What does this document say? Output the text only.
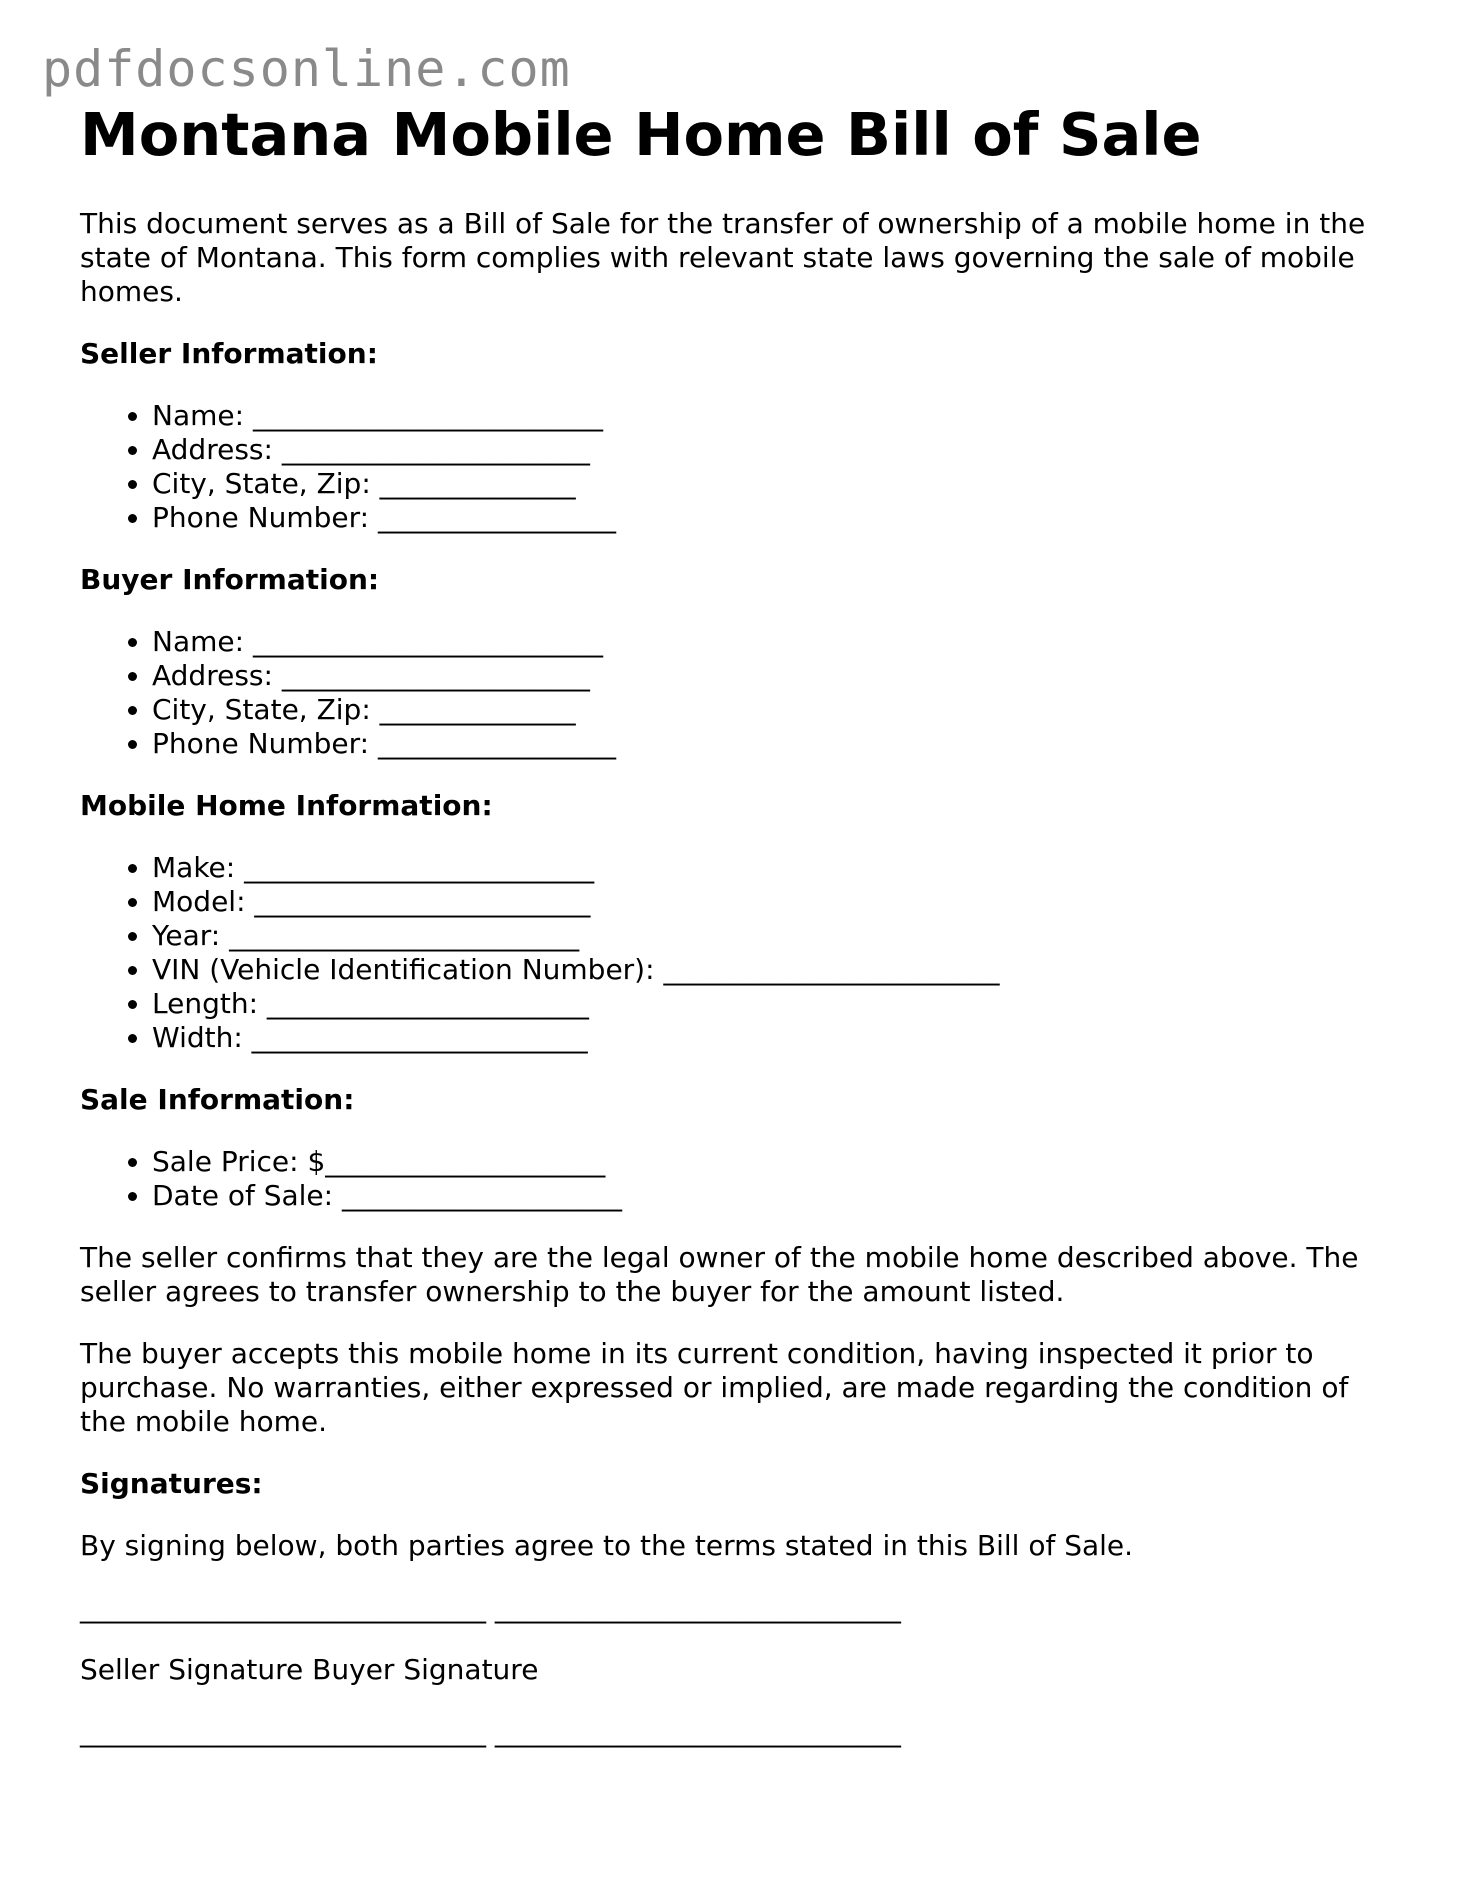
pdfdocsonline.com
Montana Mobile Home Bill of Sale

This document serves as a Bill of Sale for the transfer of ownership of a mobile home in the state of Montana. This form complies with relevant state laws governing the sale of mobile homes.

Seller Information:
• Name: _________________________
• Address: ______________________
• City, State, Zip: ______________
• Phone Number: _________________
Buyer Information:
• Name: _________________________
• Address: ______________________
• City, State, Zip: ______________
• Phone Number: _________________
Mobile Home Information:
• Make: _________________________
• Model: ________________________
• Year: _________________________
• VIN (Vehicle Identification Number): ________________________
• Length: _______________________
• Width: ________________________
Sale Information:
• Sale Price: $____________________
• Date of Sale: ____________________

The seller confirms that they are the legal owner of the mobile home described above. The seller agrees to transfer ownership to the buyer for the amount listed.

The buyer accepts this mobile home in its current condition, having inspected it prior to purchase. No warranties, either expressed or implied, are made regarding the condition of the mobile home.

Signatures:

By signing below, both parties agree to the terms stated in this Bill of Sale.

_____________________________ _____________________________
Seller Signature Buyer Signature
_____________________________ _____________________________
